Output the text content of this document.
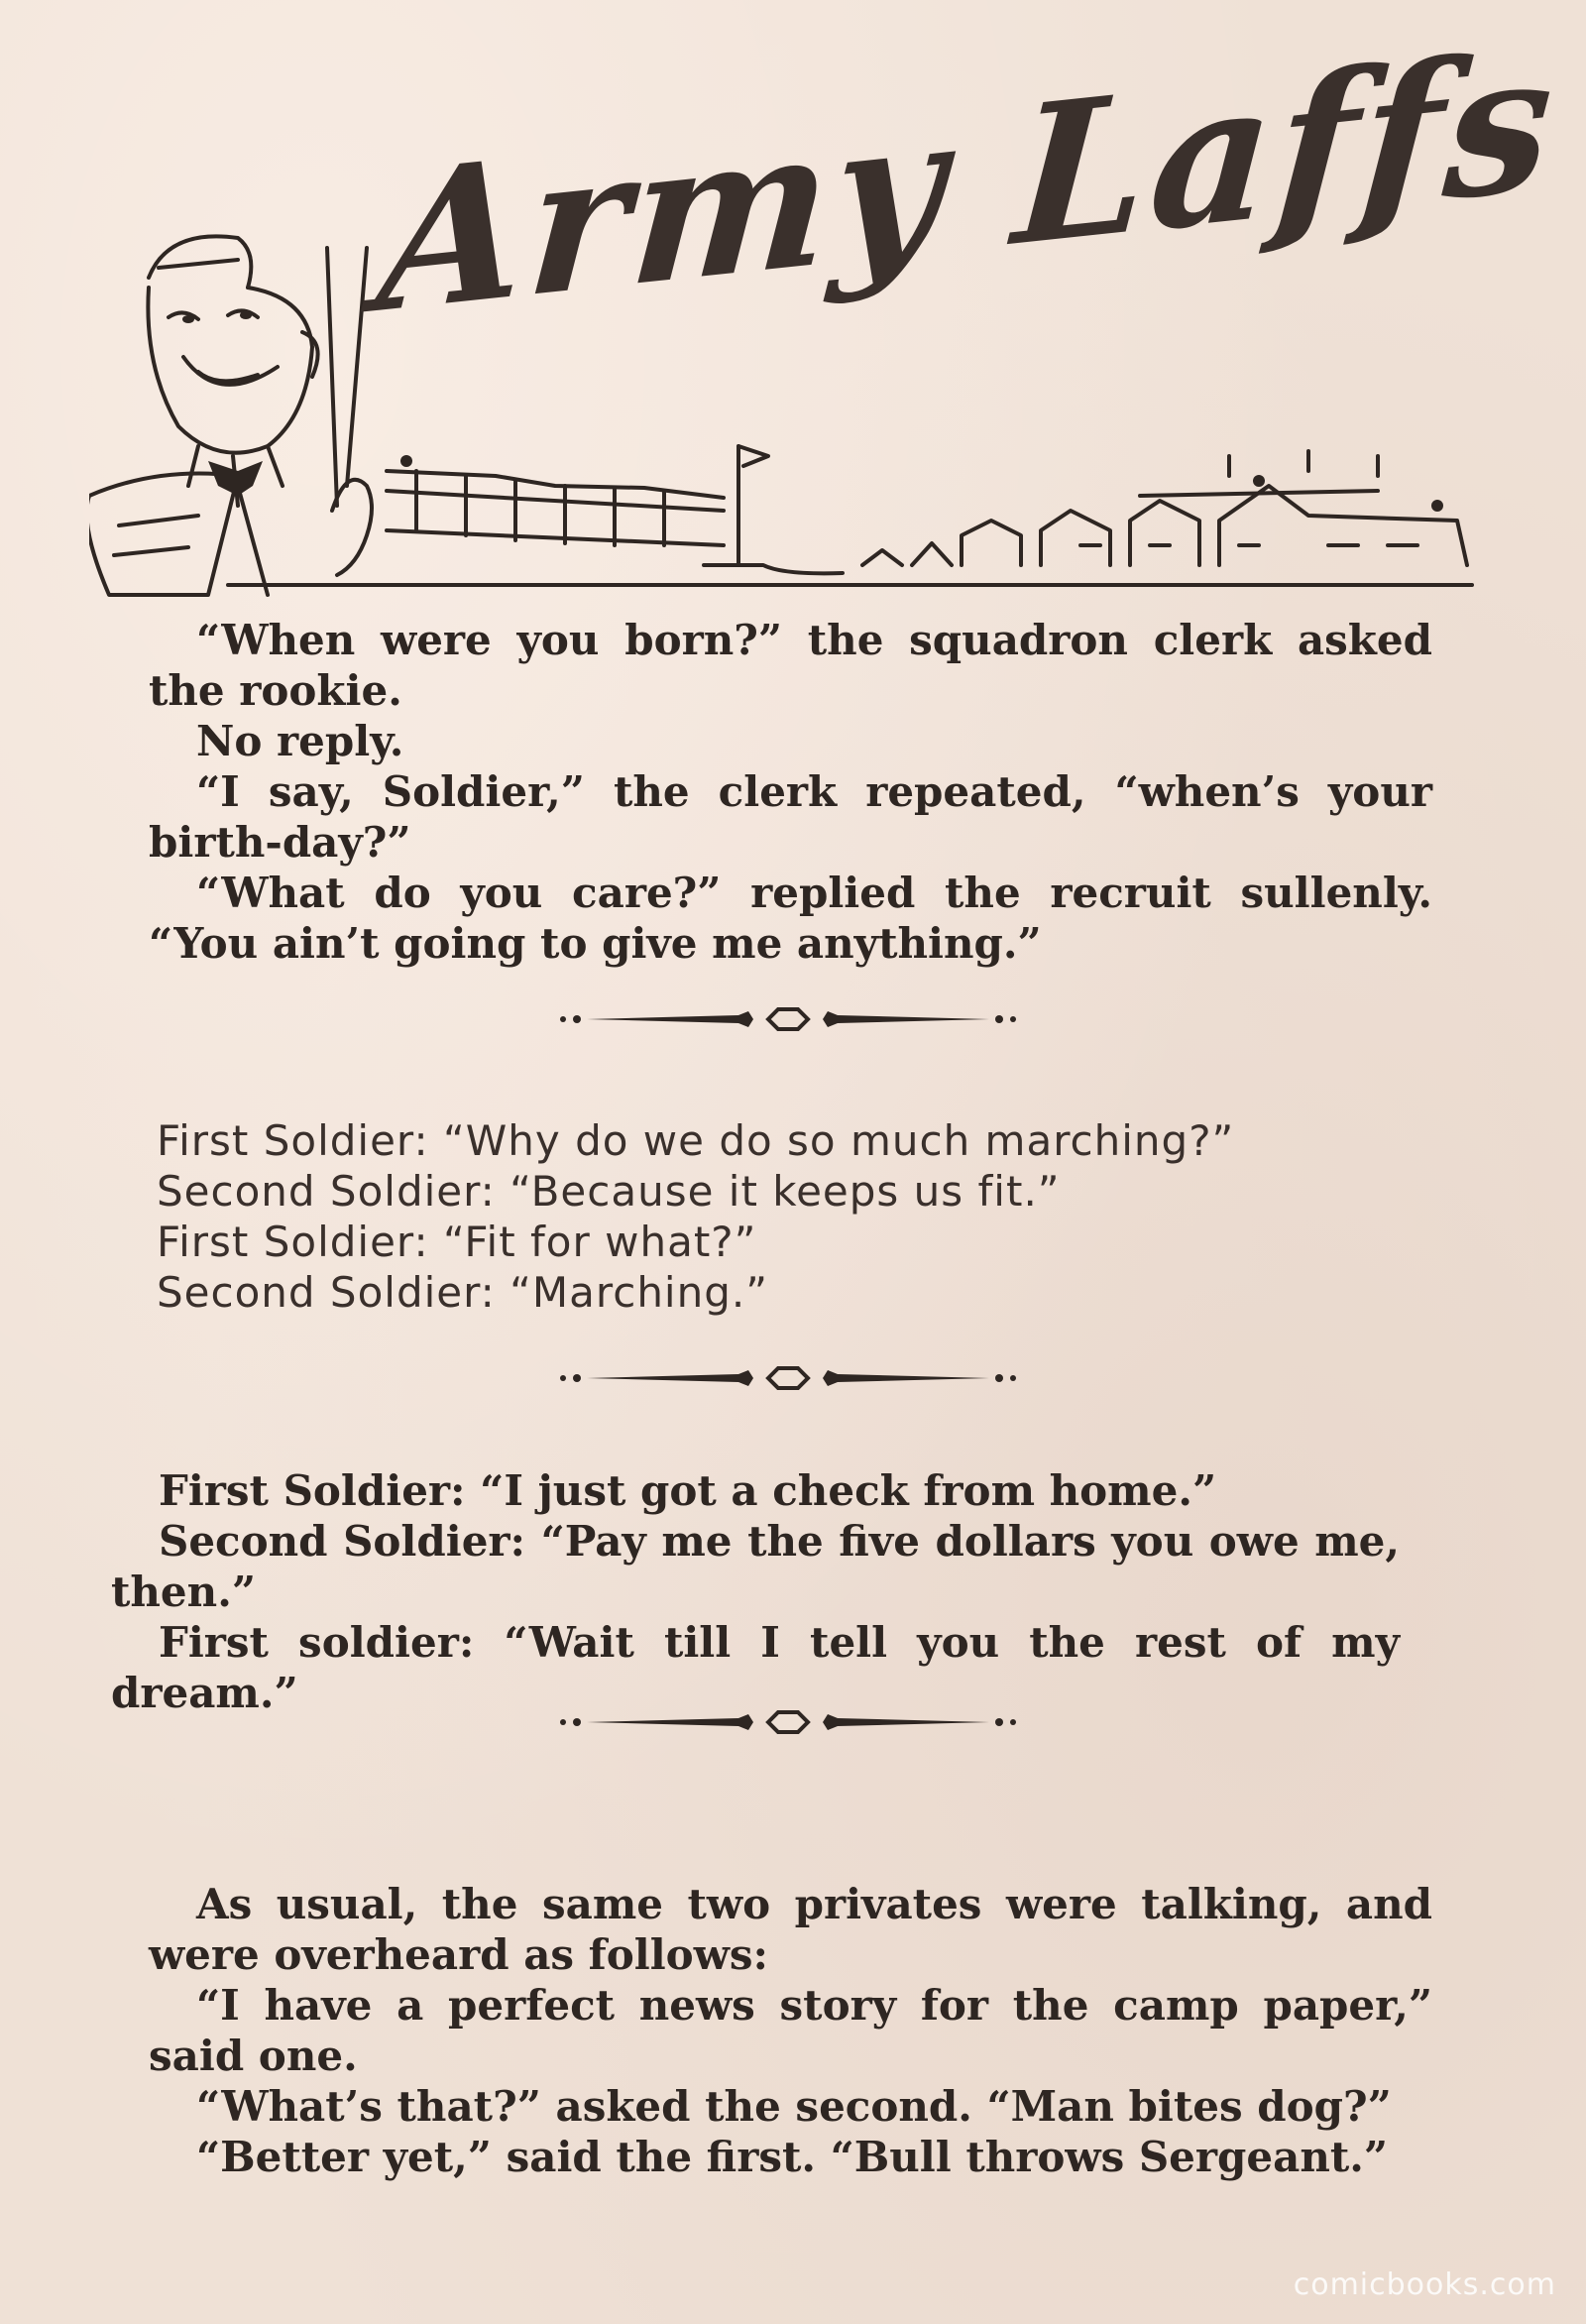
Army Laffs

“When were you born?” the squadron clerk asked the rookie.

No reply.

“I say, Soldier,” the clerk repeated, “when’s your birth-day?”

“What do you care?” replied the recruit sullenly. “You ain’t going to give me anything.”

First Soldier: “Why do we do so much marching?”
Second Soldier: “Because it keeps us fit.”
First Soldier: “Fit for what?”
Second Soldier: “Marching.”

First Soldier: “I just got a check from home.”

Second Soldier: “Pay me the five dollars you owe me, then.”

First soldier: “Wait till I tell you the rest of my dream.”

As usual, the same two privates were talking, and were overheard as follows:

“I have a perfect news story for the camp paper,” said one.

“What’s that?” asked the second. “Man bites dog?”

“Better yet,” said the first. “Bull throws Sergeant.”

comicbooks.com
